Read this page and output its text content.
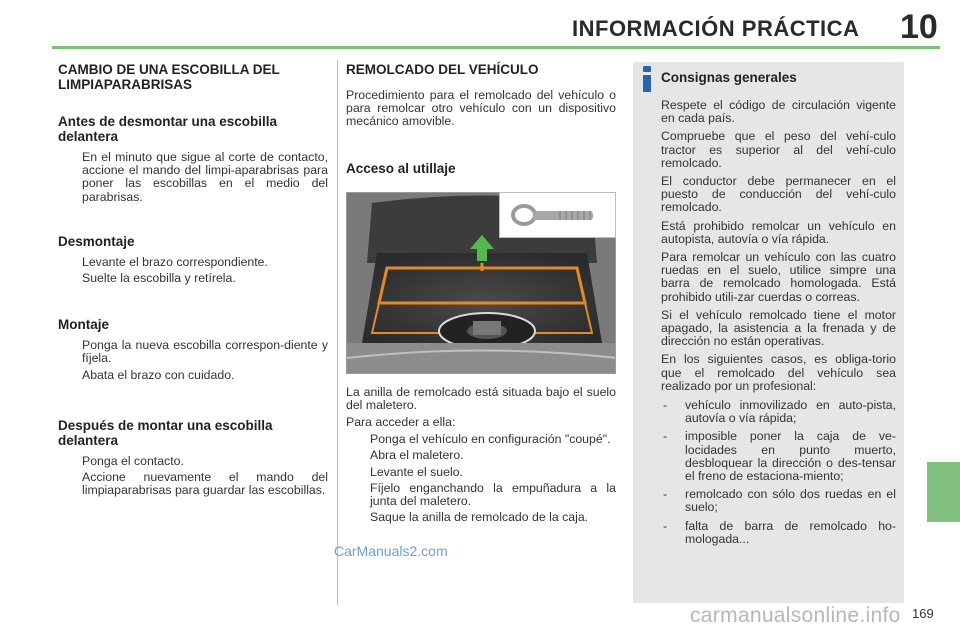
INFORMACIÓN PRÁCTICA 10
CAMBIO DE UNA ESCOBILLA DEL LIMPIAPARABRISAS
Antes de desmontar una escobilla delantera
En el minuto que sigue al corte de contacto, accione el mando del limpi-aparabrisas para poner las escobillas en el medio del parabrisas.
Desmontaje
Levante el brazo correspondiente.
Suelte la escobilla y retírela.
Montaje
Ponga la nueva escobilla correspon-diente y fíjela.
Abata el brazo con cuidado.
Después de montar una escobilla delantera
Ponga el contacto.
Accione nuevamente el mando del limpiaparabrisas para guardar las escobillas.
REMOLCADO DEL VEHÍCULO

Procedimiento para el remolcado del vehículo o para remolcar otro vehículo con un dispositivo mecánico amovible.

Acceso al utillaje

La anilla de remolcado está situada bajo el suelo del maletero.

Para acceder a ella:

Ponga el vehículo en configuración "coupé".
Abra el maletero.
Levante el suelo.
Fíjelo enganchando la empuñadura a la junta del maletero.
Saque la anilla de remolcado de la caja.
Consignas generales

Respete el código de circulación vigente en cada país.

Compruebe que el peso del vehí-culo tractor es superior al del vehí-culo remolcado.

El conductor debe permanecer en el puesto de conducción del vehí-culo remolcado.

Está prohibido remolcar un vehículo en autopista, autovía o vía rápida.

Para remolcar un vehículo con las cuatro ruedas en el suelo, utilice simpre una barra de remolcado homologada. Está prohibido utili-zar cuerdas o correas.

Si el vehículo remolcado tiene el motor apagado, la asistencia a la frenada y de dirección no están operativas.

En los siguientes casos, es obliga-torio que el remolcado del vehículo sea realizado por un profesional:

- vehículo inmovilizado en auto-pista, autovía o vía rápida;
- imposible poner la caja de ve-locidades en punto muerto, desbloquear la dirección o des-tensar el freno de estaciona-miento;
- remolcado con sólo dos ruedas en el suelo;
- falta de barra de remolcado ho-mologada...
CarManuals2.com
carmanualsonline.info 169
